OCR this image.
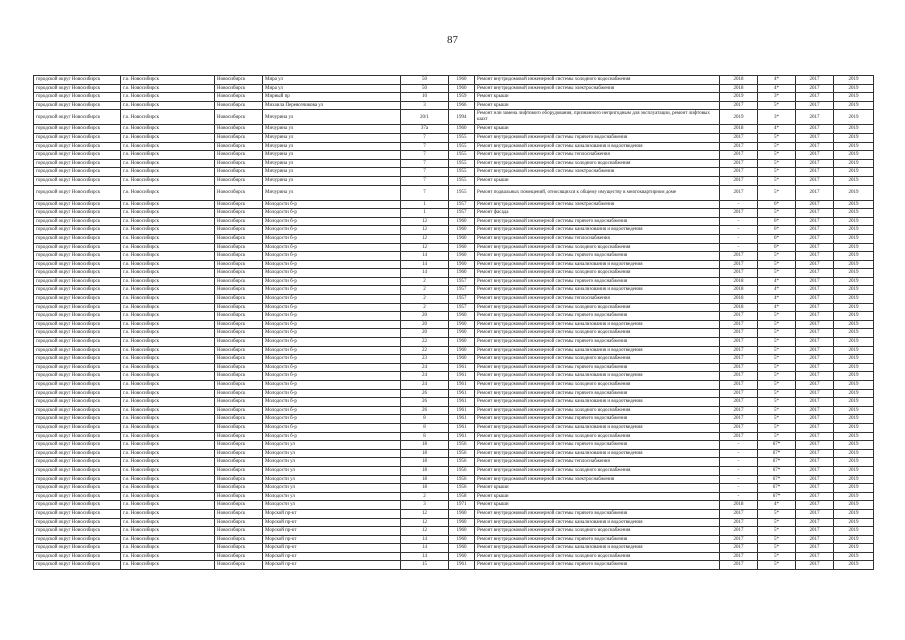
87
городской округ Новосибирск	г.о. Новосибирск	Новосибирск	Мира ул	50	1960	Ремонт внутридомовой инженерной системы холодного водоснабжения	2018	4*	2017	2019
городской округ Новосибирск	г.о. Новосибирск	Новосибирск	Мира ул	50	1960	Ремонт внутридомовой инженерной системы электроснабжения	2018	4*	2017	2019
городской округ Новосибирск	г.о. Новосибирск	Новосибирск	Мирный пр	10	1959	Ремонт крыши	2019	3*	2017	2019
городской округ Новосибирск	г.о. Новосибирск	Новосибирск	Михаила Перевозчикова ул	3	1966	Ремонт крыши	2017	5*	2017	2019
городской округ Новосибирск	г.о. Новосибирск	Новосибирск	Мичурина ул	20/1	1994	Ремонт или замена лифтового оборудования, признанного непригодным для эксплуатации, ремонт лифтовых шахт	2019	3*	2017	2019
городской округ Новосибирск	г.о. Новосибирск	Новосибирск	Мичурина ул	37а	1960	Ремонт крыши	2018	4*	2017	2019
городской округ Новосибирск	г.о. Новосибирск	Новосибирск	Мичурина ул	7	1955	Ремонт внутридомовой инженерной системы горячего водоснабжения	2017	5*	2017	2019
городской округ Новосибирск	г.о. Новосибирск	Новосибирск	Мичурина ул	7	1955	Ремонт внутридомовой инженерной системы канализования и водоотведения	2017	5*	2017	2019
городской округ Новосибирск	г.о. Новосибирск	Новосибирск	Мичурина ул	7	1955	Ремонт внутридомовой инженерной системы теплоснабжения	2017	5*	2017	2019
городской округ Новосибирск	г.о. Новосибирск	Новосибирск	Мичурина ул	7	1955	Ремонт внутридомовой инженерной системы холодного водоснабжения	2017	5*	2017	2019
городской округ Новосибирск	г.о. Новосибирск	Новосибирск	Мичурина ул	7	1955	Ремонт внутридомовой инженерной системы электроснабжения	2017	5*	2017	2019
городской округ Новосибирск	г.о. Новосибирск	Новосибирск	Мичурина ул	7	1955	Ремонт крыши	2017	5*	2017	2019
городской округ Новосибирск	г.о. Новосибирск	Новосибирск	Мичурина ул	7	1955	Ремонт подвальных помещений, относящихся к общему имуществу в многоквартирном доме	2017	5*	2017	2019
городской округ Новосибирск	г.о. Новосибирск	Новосибирск	Молодости б-р	1	1957	Ремонт внутридомовой инженерной системы электроснабжения	-	6*	2017	2019
городской округ Новосибирск	г.о. Новосибирск	Новосибирск	Молодости б-р	1	1957	Ремонт фасада	2017	5*	2017	2019
городской округ Новосибирск	г.о. Новосибирск	Новосибирск	Молодости б-р	12	1960	Ремонт внутридомовой инженерной системы горячего водоснабжения	-	6*	2017	2019
городской округ Новосибирск	г.о. Новосибирск	Новосибирск	Молодости б-р	12	1960	Ремонт внутридомовой инженерной системы канализования и водоотведения	-	6*	2017	2019
городской округ Новосибирск	г.о. Новосибирск	Новосибирск	Молодости б-р	12	1960	Ремонт внутридомовой инженерной системы теплоснабжения	-	6*	2017	2019
городской округ Новосибирск	г.о. Новосибирск	Новосибирск	Молодости б-р	12	1960	Ремонт внутридомовой инженерной системы холодного водоснабжения	-	6*	2017	2019
городской округ Новосибирск	г.о. Новосибирск	Новосибирск	Молодости б-р	14	1960	Ремонт внутридомовой инженерной системы горячего водоснабжения	2017	5*	2017	2019
городской округ Новосибирск	г.о. Новосибирск	Новосибирск	Молодости б-р	14	1960	Ремонт внутридомовой инженерной системы канализования и водоотведения	2017	5*	2017	2019
городской округ Новосибирск	г.о. Новосибирск	Новосибирск	Молодости б-р	14	1960	Ремонт внутридомовой инженерной системы холодного водоснабжения	2017	5*	2017	2019
городской округ Новосибирск	г.о. Новосибирск	Новосибирск	Молодости б-р	2	1957	Ремонт внутридомовой инженерной системы горячего водоснабжения	2018	4*	2017	2019
городской округ Новосибирск	г.о. Новосибирск	Новосибирск	Молодости б-р	2	1957	Ремонт внутридомовой инженерной системы канализования и водоотведения	2018	4*	2017	2019
городской округ Новосибирск	г.о. Новосибирск	Новосибирск	Молодости б-р	2	1957	Ремонт внутридомовой инженерной системы теплоснабжения	2018	4*	2017	2019
городской округ Новосибирск	г.о. Новосибирск	Новосибирск	Молодости б-р	2	1957	Ремонт внутридомовой инженерной системы холодного водоснабжения	2018	4*	2017	2019
городской округ Новосибирск	г.о. Новосибирск	Новосибирск	Молодости б-р	20	1960	Ремонт внутридомовой инженерной системы горячего водоснабжения	2017	5*	2017	2019
городской округ Новосибирск	г.о. Новосибирск	Новосибирск	Молодости б-р	20	1960	Ремонт внутридомовой инженерной системы канализования и водоотведения	2017	5*	2017	2019
городской округ Новосибирск	г.о. Новосибирск	Новосибирск	Молодости б-р	20	1960	Ремонт внутридомовой инженерной системы холодного водоснабжения	2017	5*	2017	2019
городской округ Новосибирск	г.о. Новосибирск	Новосибирск	Молодости б-р	22	1960	Ремонт внутридомовой инженерной системы горячего водоснабжения	2017	5*	2017	2019
городской округ Новосибирск	г.о. Новосибирск	Новосибирск	Молодости б-р	22	1960	Ремонт внутридомовой инженерной системы канализования и водоотведения	2017	5*	2017	2019
городской округ Новосибирск	г.о. Новосибирск	Новосибирск	Молодости б-р	23	1960	Ремонт внутридомовой инженерной системы холодного водоснабжения	2017	5*	2017	2019
городской округ Новосибирск	г.о. Новосибирск	Новосибирск	Молодости б-р	24	1961	Ремонт внутридомовой инженерной системы горячего водоснабжения	2017	5*	2017	2019
городской округ Новосибирск	г.о. Новосибирск	Новосибирск	Молодости б-р	24	1961	Ремонт внутридомовой инженерной системы канализования и водоотведения	2017	5*	2017	2019
городской округ Новосибирск	г.о. Новосибирск	Новосибирск	Молодости б-р	24	1961	Ремонт внутридомовой инженерной системы холодного водоснабжения	2017	5*	2017	2019
городской округ Новосибирск	г.о. Новосибирск	Новосибирск	Молодости б-р	26	1961	Ремонт внутридомовой инженерной системы горячего водоснабжения	2017	5*	2017	2019
городской округ Новосибирск	г.о. Новосибирск	Новосибирск	Молодости б-р	26	1961	Ремонт внутридомовой инженерной системы канализования и водоотведения	2017	5*	2017	2019
городской округ Новосибирск	г.о. Новосибирск	Новосибирск	Молодости б-р	26	1961	Ремонт внутридомовой инженерной системы холодного водоснабжения	2017	5*	2017	2019
городской округ Новосибирск	г.о. Новосибирск	Новосибирск	Молодости б-р	8	1961	Ремонт внутридомовой инженерной системы горячего водоснабжения	2017	5*	2017	2019
городской округ Новосибирск	г.о. Новосибирск	Новосибирск	Молодости б-р	8	1961	Ремонт внутридомовой инженерной системы канализования и водоотведения	2017	5*	2017	2019
городской округ Новосибирск	г.о. Новосибирск	Новосибирск	Молодости б-р	8	1961	Ремонт внутридомовой инженерной системы холодного водоснабжения	2017	5*	2017	2019
городской округ Новосибирск	г.о. Новосибирск	Новосибирск	Молодости ул	18	1956	Ремонт внутридомовой инженерной системы горячего водоснабжения	-	67*	2017	2019
городской округ Новосибирск	г.о. Новосибирск	Новосибирск	Молодости ул	18	1956	Ремонт внутридомовой инженерной системы канализования и водоотведения	-	67*	2017	2019
городской округ Новосибирск	г.о. Новосибирск	Новосибирск	Молодости ул	18	1956	Ремонт внутридомовой инженерной системы теплоснабжения	-	67*	2017	2019
городской округ Новосибирск	г.о. Новосибирск	Новосибирск	Молодости ул	18	1956	Ремонт внутридомовой инженерной системы холодного водоснабжения	-	67*	2017	2019
городской округ Новосибирск	г.о. Новосибирск	Новосибирск	Молодости ул	18	1956	Ремонт внутридомовой инженерной системы электроснабжения	-	67*	2017	2019
городской округ Новосибирск	г.о. Новосибирск	Новосибирск	Молодости ул	18	1956	Ремонт крыши	-	67*	2017	2019
городской округ Новосибирск	г.о. Новосибирск	Новосибирск	Молодости ул	2	1958	Ремонт крыши	-	67*	2017	2019
городской округ Новосибирск	г.о. Новосибирск	Новосибирск	Молодости ул	3	1971	Ремонт крыши	2018	4*	2017	2019
городской округ Новосибирск	г.о. Новосибирск	Новосибирск	Морской пр-кт	12	1960	Ремонт внутридомовой инженерной системы горячего водоснабжения	2017	5*	2017	2019
городской округ Новосибирск	г.о. Новосибирск	Новосибирск	Морской пр-кт	12	1960	Ремонт внутридомовой инженерной системы канализования и водоотведения	2017	5*	2017	2019
городской округ Новосибирск	г.о. Новосибирск	Новосибирск	Морской пр-кт	12	1960	Ремонт внутридомовой инженерной системы холодного водоснабжения	2017	5*	2017	2019
городской округ Новосибирск	г.о. Новосибирск	Новосибирск	Морской пр-кт	14	1960	Ремонт внутридомовой инженерной системы горячего водоснабжения	2017	5*	2017	2019
городской округ Новосибирск	г.о. Новосибирск	Новосибирск	Морской пр-кт	14	1960	Ремонт внутридомовой инженерной системы канализования и водоотведения	2017	5*	2017	2019
городской округ Новосибирск	г.о. Новосибирск	Новосибирск	Морской пр-кт	14	1960	Ремонт внутридомовой инженерной системы холодного водоснабжения	2017	5*	2017	2019
городской округ Новосибирск	г.о. Новосибирск	Новосибирск	Морской пр-кт	15	1961	Ремонт внутридомовой инженерной системы горячего водоснабжения	2017	5*	2017	2019
